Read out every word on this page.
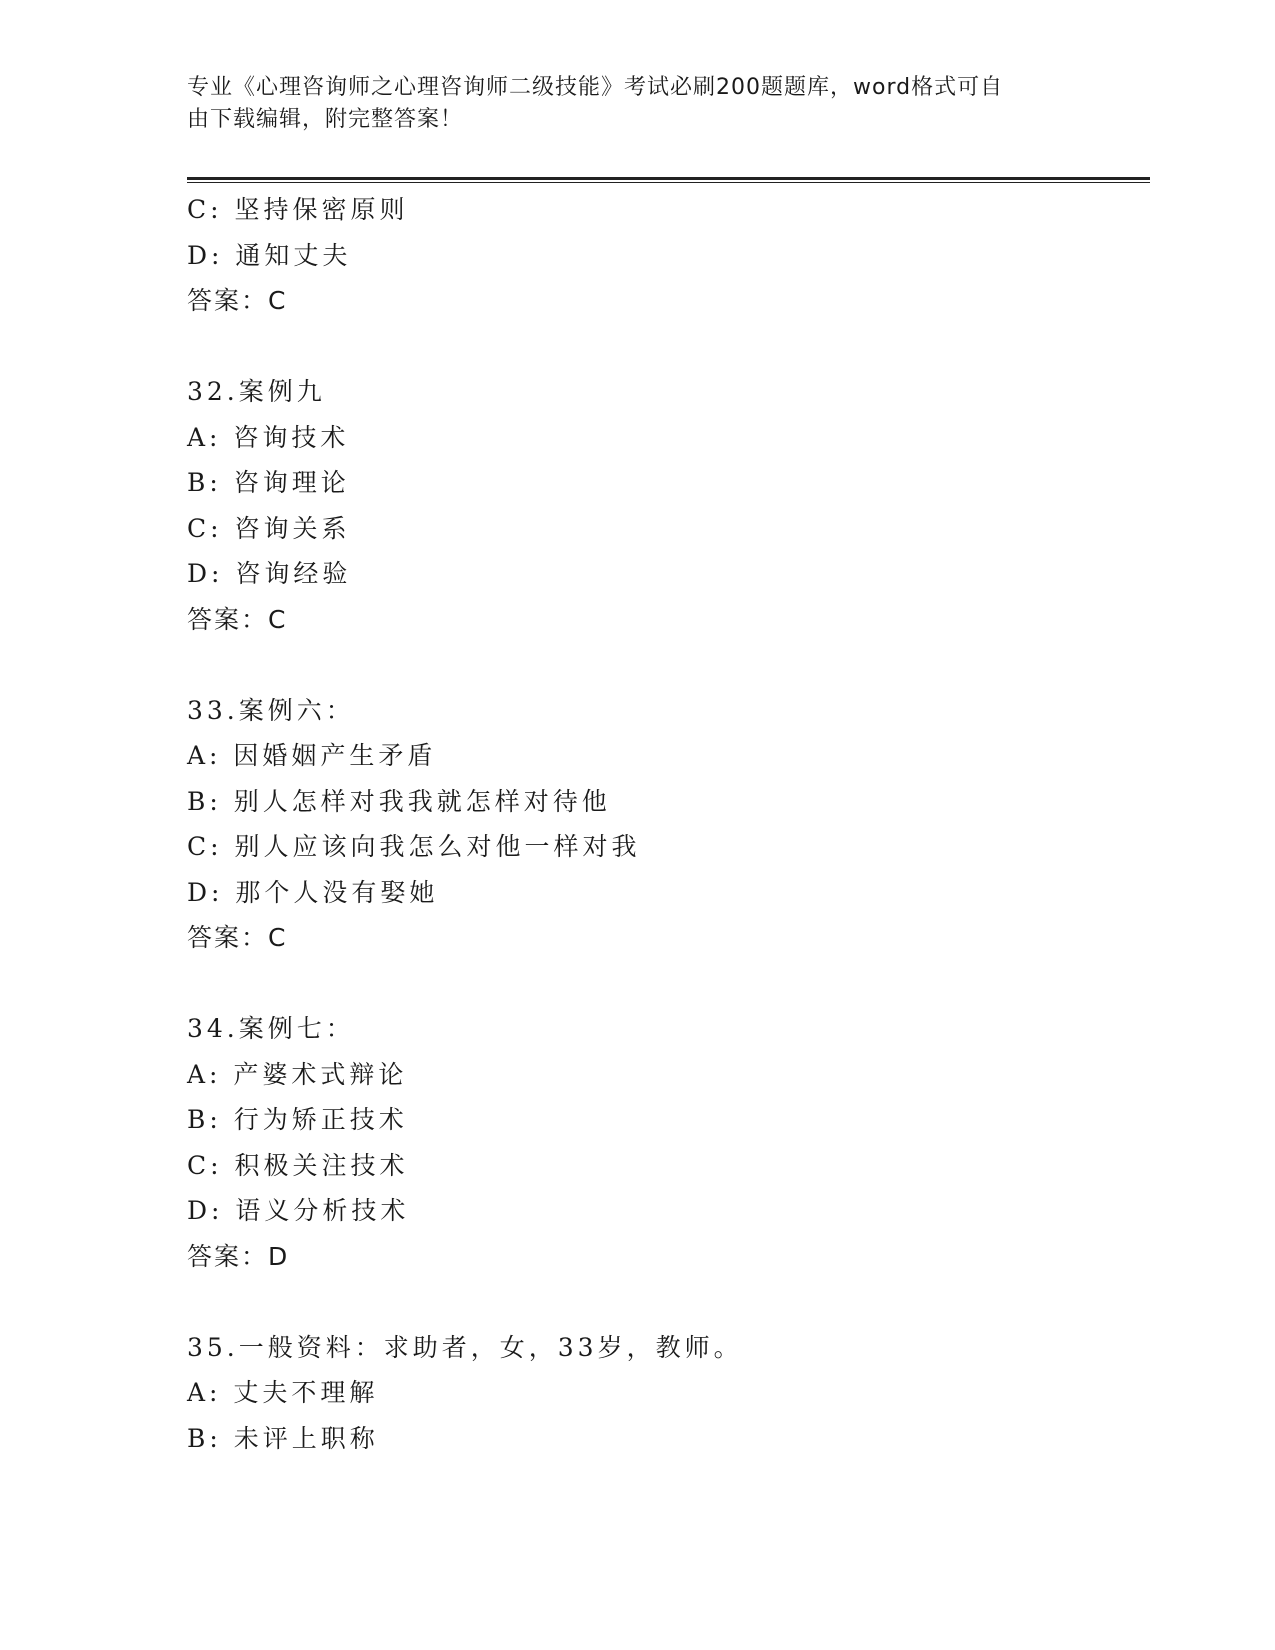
专业《心理咨询师之心理咨询师二级技能》考试必刷200题题库，word格式可自
由下载编辑，附完整答案！
C: 坚持保密原则
D: 通知丈夫
答案：C
32.案例九
A: 咨询技术
B: 咨询理论
C: 咨询关系
D: 咨询经验
答案：C
33.案例六：
A: 因婚姻产生矛盾
B: 别人怎样对我我就怎样对待他
C: 别人应该向我怎么对他一样对我
D: 那个人没有娶她
答案：C
34.案例七：
A: 产婆术式辩论
B: 行为矫正技术
C: 积极关注技术
D: 语义分析技术
答案：D
35.一般资料：求助者，女，33岁，教师。
A: 丈夫不理解
B: 未评上职称
